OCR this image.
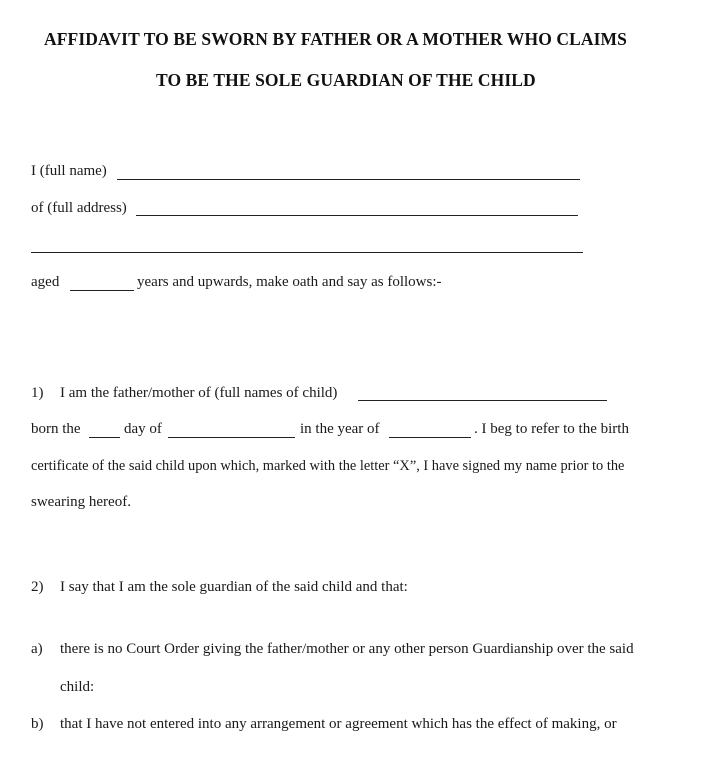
AFFIDAVIT TO BE SWORN BY FATHER OR A MOTHER WHO CLAIMS
TO BE THE SOLE GUARDIAN OF THE CHILD
I (full name)
of (full address)
aged	years and upwards, make oath and say as follows:-
1) I am the father/mother of (full names of child)
born the	day of	in the year of	. I beg to refer to the birth
certificate of the said child upon which, marked with the letter “X”, I have signed my name prior to the
swearing hereof.
2) I say that I am the sole guardian of the said child and that:
a) there is no Court Order giving the father/mother or any other person Guardianship over the said
child:
b) that I have not entered into any arrangement or agreement which has the effect of making, or
